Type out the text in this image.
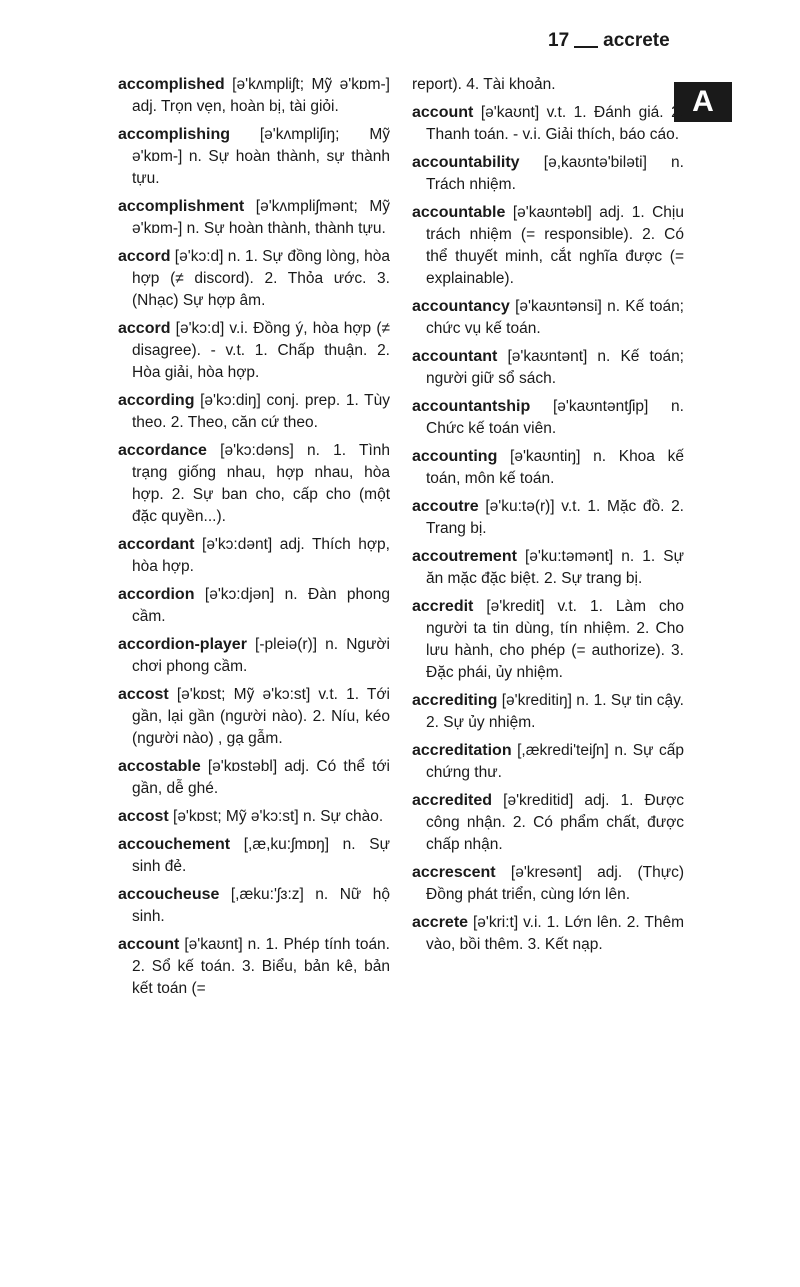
17 accrete
A
accomplished [ə'kʌmpliʃt; Mỹ ə'kɒm-] adj. Trọn vẹn, hoàn bị, tài giỏi.
accomplishing [ə'kʌmpliʃiŋ; Mỹ ə'kɒm-] n. Sự hoàn thành, sự thành tựu.
accomplishment [ə'kʌmpliʃmənt; Mỹ ə'kɒm-] n. Sự hoàn thành, thành tựu.
accord [ə'kɔ:d] n. 1. Sự đồng lòng, hòa hợp (≠ discord). 2. Thỏa ước. 3. (Nhạc) Sự hợp âm.
accord [ə'kɔ:d] v.i. Đồng ý, hòa hợp (≠ disagree). - v.t. 1. Chấp thuận. 2. Hòa giải, hòa hợp.
according [ə'kɔ:diŋ] conj. prep. 1. Tùy theo. 2. Theo, căn cứ theo.
accordance [ə'kɔ:dəns] n. 1. Tình trạng giống nhau, hợp nhau, hòa hợp. 2. Sự ban cho, cấp cho (một đặc quyền...).
accordant [ə'kɔ:dənt] adj. Thích hợp, hòa hợp.
accordion [ə'kɔ:djən] n. Đàn phong cầm.
accordion-player [-pleiə(r)] n. Người chơi phong cầm.
accost [ə'kɒst; Mỹ ə'kɔ:st] v.t. 1. Tới gần, lại gần (người nào). 2. Níu, kéo (người nào) , gạ gẫm.
accostable [ə'kɒstəbl] adj. Có thể tới gần, dễ ghé.
accost [ə'kɒst; Mỹ ə'kɔ:st] n. Sự chào.
accouchement [,æ,ku:ʃmɒŋ] n. Sự sinh đẻ.
accoucheuse [,æku:'ʃɜ:z] n. Nữ hộ sinh.
account [ə'kaʊnt] n. 1. Phép tính toán. 2. Sổ kế toán. 3. Biểu, bản kê, bản kết toán (=
report). 4. Tài khoản.
account [ə'kaʊnt] v.t. 1. Đánh giá. 2. Thanh toán. - v.i. Giải thích, báo cáo.
accountability [ə,kaʊntə'biləti] n. Trách nhiệm.
accountable [ə'kaʊntəbl] adj. 1. Chịu trách nhiệm (= responsible). 2. Có thể thuyết minh, cắt nghĩa được (= explainable).
accountancy [ə'kaʊntənsi] n. Kế toán; chức vụ kế toán.
accountant [ə'kaʊntənt] n. Kế toán; người giữ sổ sách.
accountantship [ə'kaʊntəntʃip] n. Chức kế toán viên.
accounting [ə'kaʊntiŋ] n. Khoa kế toán, môn kế toán.
accoutre [ə'ku:tə(r)] v.t. 1. Mặc đồ. 2. Trang bị.
accoutrement [ə'ku:təmənt] n. 1. Sự ăn mặc đặc biệt. 2. Sự trang bị.
accredit [ə'kredit] v.t. 1. Làm cho người ta tin dùng, tín nhiệm. 2. Cho lưu hành, cho phép (= authorize). 3. Đặc phái, ủy nhiệm.
accrediting [ə'kreditiŋ] n. 1. Sự tin cậy. 2. Sự ủy nhiệm.
accreditation [,ækredi'teiʃn] n. Sự cấp chứng thư.
accredited [ə'kreditid] adj. 1. Được công nhận. 2. Có phẩm chất, được chấp nhận.
accrescent [ə'kresənt] adj. (Thực) Đồng phát triển, cùng lớn lên.
accrete [ə'kri:t] v.i. 1. Lớn lên. 2. Thêm vào, bồi thêm. 3. Kết nạp.
